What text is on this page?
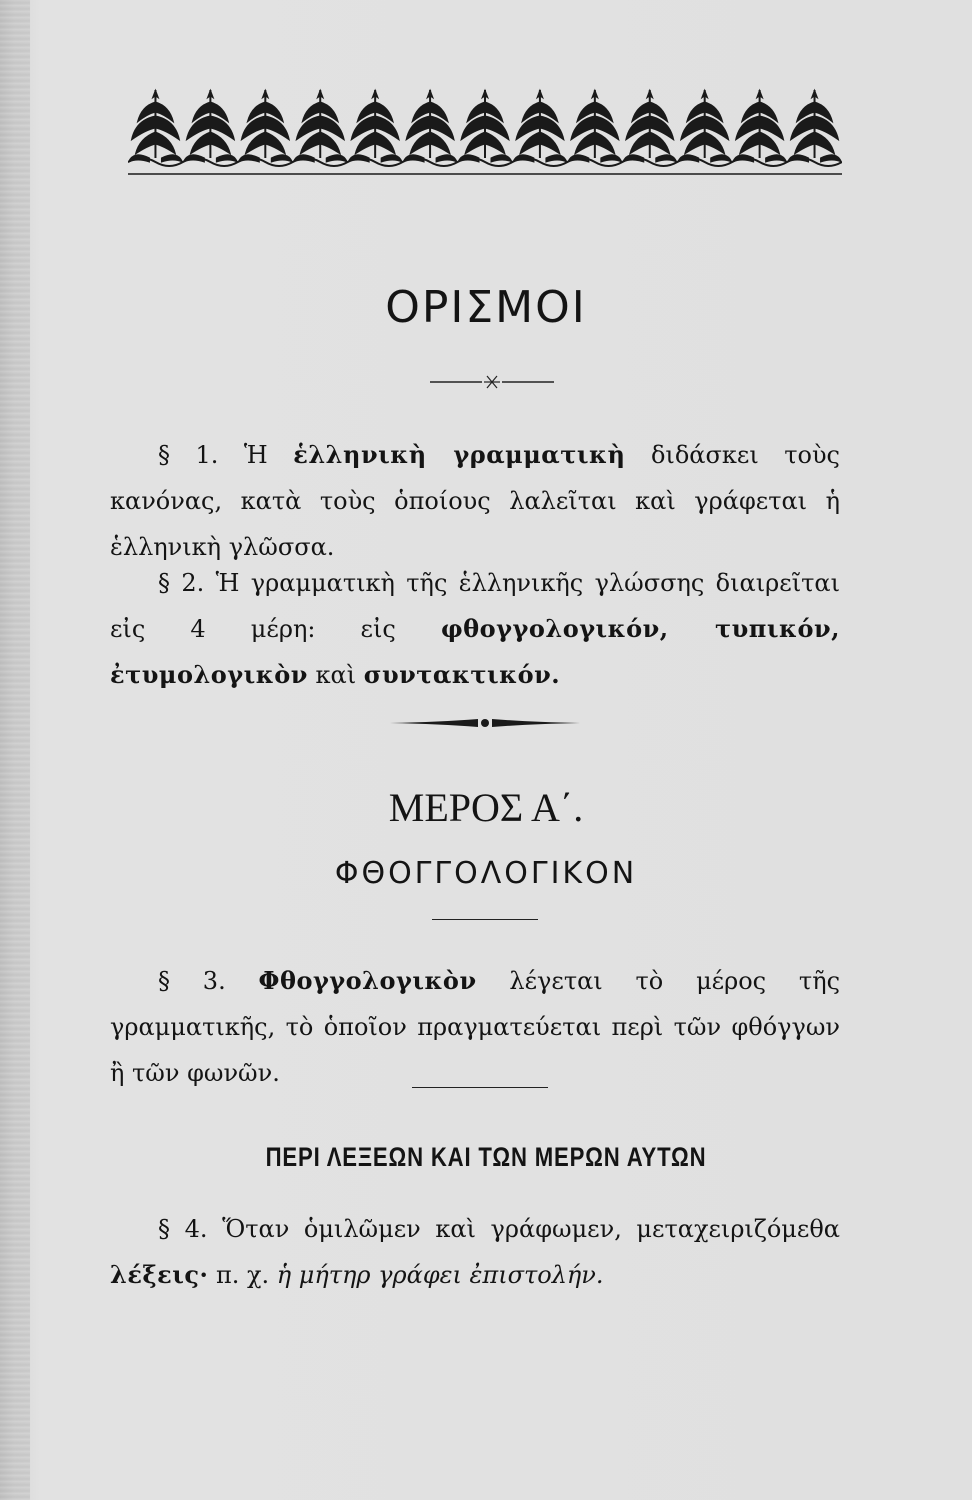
ΟΡΙΣΜΟΙ
§ 1. Ἡ ἑλληνικὴ γραμματικὴ διδάσκει τοὺς κανόνας, κατὰ τοὺς ὁποίους λαλεῖται καὶ γράφεται ἡ ἑλληνικὴ γλῶσσα.
§ 2. Ἡ γραμματικὴ τῆς ἑλληνικῆς γλώσσης διαιρεῖται εἰς 4 μέρη: εἰς φθογγολογικόν, τυπικόν, ἐτυμολογικὸν καὶ συντακτικόν.
ΜΕΡΟΣ Α΄.
ΦΘΟΓΓΟΛΟΓΙΚΟΝ
§ 3. Φθογγολογικὸν λέγεται τὸ μέρος τῆς γραμματικῆς, τὸ ὁποῖον πραγματεύεται περὶ τῶν φθόγγων ἢ τῶν φωνῶν.
ΠΕΡΙ ΛΕΞΕΩΝ ΚΑΙ ΤΩΝ ΜΕΡΩΝ ΑΥΤΩΝ
§ 4. Ὅταν ὁμιλῶμεν καὶ γράφωμεν, μεταχειριζόμεθα λέξεις· π. χ. ἡ μήτηρ γράφει ἐπιστολήν.
